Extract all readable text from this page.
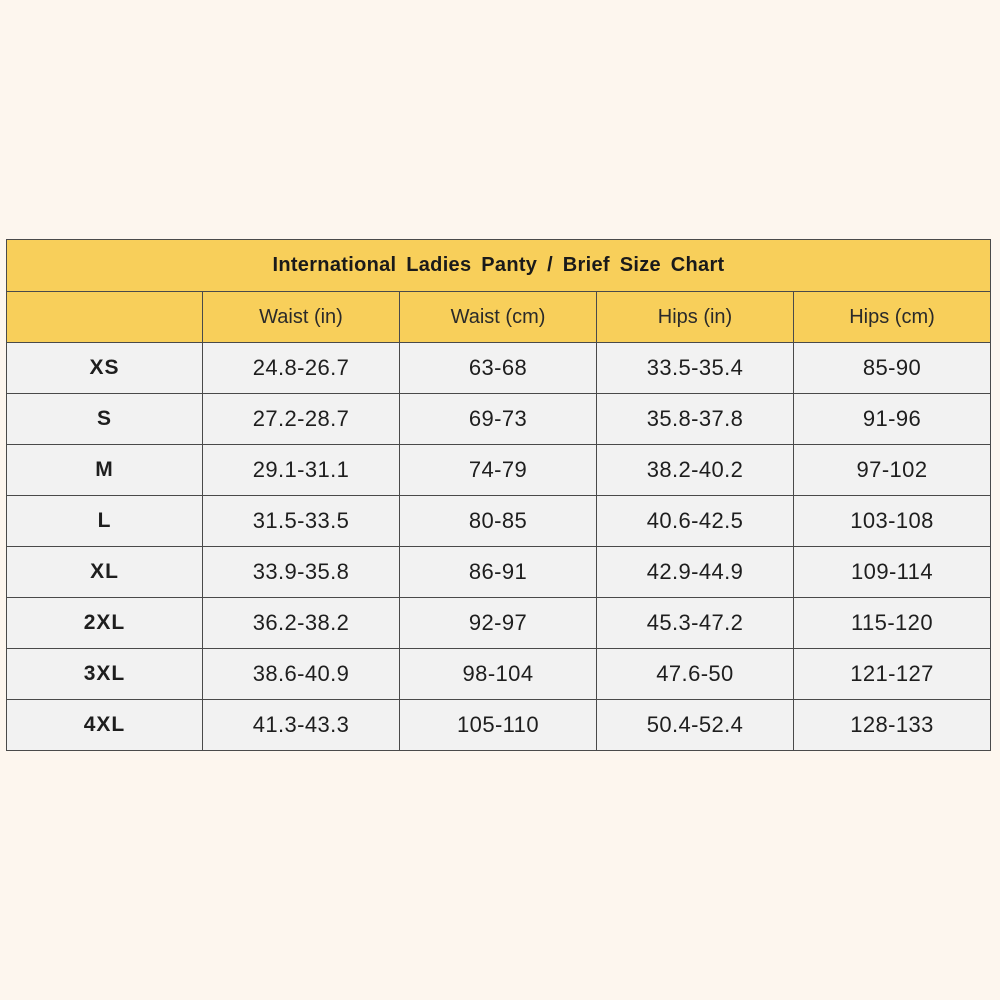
International Ladies Panty / Brief Size Chart				
	Waist (in)	Waist (cm)	Hips (in)	Hips (cm)
XS	24.8-26.7	63-68	33.5-35.4	85-90
S	27.2-28.7	69-73	35.8-37.8	91-96
M	29.1-31.1	74-79	38.2-40.2	97-102
L	31.5-33.5	80-85	40.6-42.5	103-108
XL	33.9-35.8	86-91	42.9-44.9	109-114
2XL	36.2-38.2	92-97	45.3-47.2	115-120
3XL	38.6-40.9	98-104	47.6-50	121-127
4XL	41.3-43.3	105-110	50.4-52.4	128-133
